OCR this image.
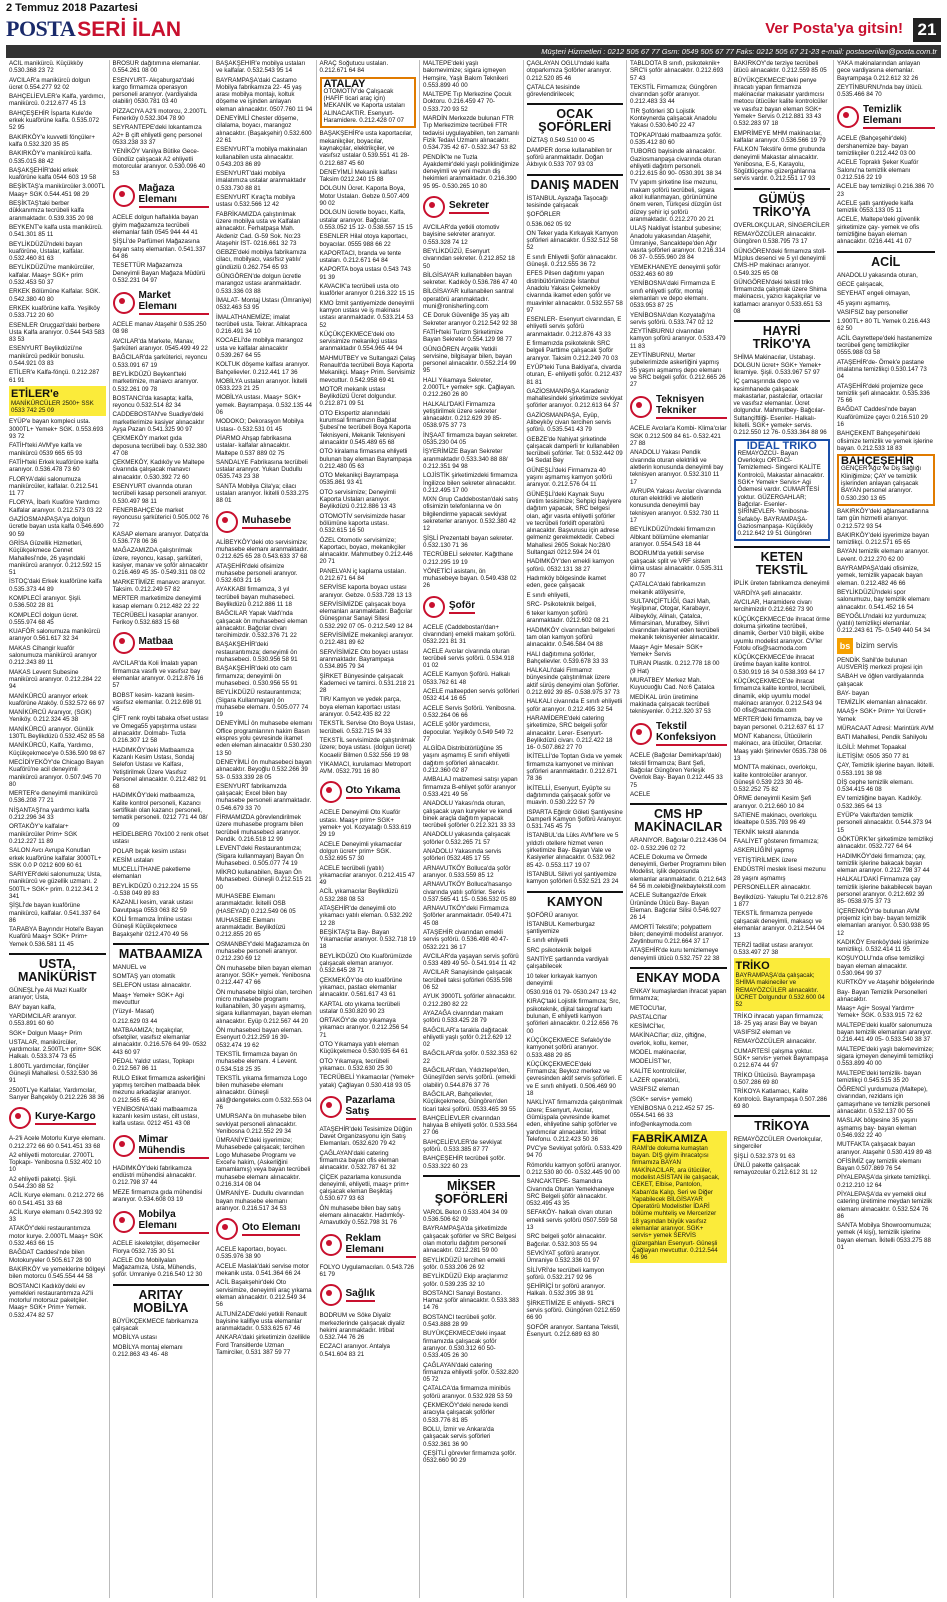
2 Temmuz 2018 Pazartesi
POSTA SERİ İLAN	Ver Posta'ya gitsin! 21
Müşteri Hizmetleri : 0212 505 67 77 Gsm: 0549 505 67 77 Faks: 0212 505 67 21-23 e-mail: postaseriilan@posta.com.tr
ACİL manikürcü. Küçükköy 0.530.368 23 72
AVCILAR'a manikürcü dolgun ücret 0.554.277 92 02
BAHÇELİEVLER'e Kalfa, yardımcı, manikürcü. 0.212.677 45 13
BAHÇEŞEHİR İsparta Kule'de erkek kuaförüne kalfa. 0.535.072 52 95
BAKIRKÖY'e kuvvetli fönçüler+ kalfa 0.532.320 35 85
BAKIRKÖY'e manikürcü kalfa. 0.535.015 88 42
BAŞAKŞEHİR'deki erkek kuaförüne kalfa 0544 603 19 58
BEŞİKTAŞ'a manikürcüler 3.000TL Maaş+ SGK 0.544.451 98 29
BEŞİKTAŞ'taki berber dükkanımıza tecrübeli kalfa aranmaktadır. 0.539.335 20 98
BEYKENT'e kalfa usta manikürcü. 0.541.301 85 11
BEYLİKDÜZÜ'ndeki bayan kuaförüne, Ustalar, kalfalar. 0.532.460 81 63
BEYLİKDÜZÜ'ne manikürcüler, kalfalar. Maaş+ SGK+ prim 0.532.453 50 37
ERKEK Bölümüne Kalfalar. SGK. 0.542.380 40 80
ERKEK kuaförüne kalfa. Yeşilköy 0.533.712 20 60
ESENLER Oruçgazi'daki berbere Usta Kalfa aranıyor. 0.544 543 583 83 53
ESENYURT Beylikdüzü'ne manikürcü pedikür bonuslu. 0.544.921 03 83
ETİLER'e Kalfa-fönçü. 0.212.287 61 91
ETİLER'e
MANİKÜRCÜLER 2500+ SSK 0533 742 25 09
EYÜP'e bayan kompleci usta. 3000TL+ Yemek+ SGK. 0.553.693 93 72
FATİH'teki AVM'ye kalfa ve manikürcü 0539 665 65 93
FATİH'teki Erkek kuaförüne kalfa aranıyor. 0.536.478 73 60
FLORYA'daki salonumuza manikürcüler, kalfalar. 0.212.541 11 77
FLORYA, İbarlı Kuaföre Yardımcı Kalfalar aranıyor. 0.212.573 03 22
GAZİOSMANPAŞA'ya dolgun ücretle bayan usta kalfa 0.546.690 90 59
GRİSA Güzellik Hizmetleri, Küçükçekmece Cennet Mahallesi'nde, 26 yaşındaki manikürcü aranıyor. 0.212.592 15 51
İSTOÇ'daki Erkek kuaförüne kalfa 0.535.373 44 89
KOMPLECİ aranıyor. Şişli. 0.536.502 28 81
KOMPLECİ dolgun ücret. 0.555.974 68 45
KUAFÖR salonumuza manikürcü aranıyor 0.561.617 32 34
MAKAS Cihangir kuaför salonumuza manikürcü aranıyor 0.212.243 89 11
MAKAS Levent Subesine manikürcü aranıyor. 0.212.284 22 94
MANİKÜRCÜ aranıyor erkek kuaförüne Ataköy. 0.532.572 66 97
MANİKÜRCÜ Aranıyor, (SGK) Yeniköy. 0.212.324 45 38
MANİKÜRCÜ aranıyor. Günlük 130TL Beylikdüzü 0.532.452 85 58
MANİKÜRCÜ, Kalfa, Yardımcı, Küçükçekmece'ye 0.536.590 98 67
MECİDİYEKÖY'de Chicago Bayan Kuaförü'ne acil deneyimli manikürcü aranıyor. 0.507.945 70 80
MERTER'e deneyimli manikürcü 0.536.208 77 21
NİŞANTAŞI'na yardımcı kalfa 0.212.296 34 33
ORTAKÖY'e kalfalar+ manikürcüler Prim+ SGK 0.212.227 11 89
SALON Avcı Avrupa Konutları erkek kuaförüne kalfalar 3000TL+ SSK 0.0 P 0212 609 60 61
SARIYER'deki salonumuza; Usta, manikürcü ve güzellik uzmanı. 2 500TL+ SGK+ prim. 0.212.341 2 341
ŞİŞLİ'de bayan kuaförüne manikürcü, kalfalar. 0.541.337 64 86
TARABYA Bayrındır Hotel'e Bayan Kuaförü Maaş+ SGK+ Prim+ Yemek 0.536.581 11 45
USTA, MANİKÜRİST
GÜNEŞLİ'ye Ali Mazi Kuaför aranıyor; Usta,
BAY bayan kalfa,
YARDIMCILAR aranıyor. 0.553.891 60 60
SGK+ Dolgun Maaş+ Prim
USTALAR, manikürcüler, yardımcılar. 2.500TL+ prim+ SGK Halkalı. 0.533.374 73 65
1.800TL yardımcılar, fönçüler Güneşli Mahallesi. 0.532.530 36 91
2500TL'ye Kalfalar, Yardımcılar, Sarıyer Bahçeköy 0.212.226 38 36
Kurye-Kargo
A-2'li Acele Motorlu Kurye elemanı. 0.212.272 66 60 0.541.451 33 68
A2 ehliyetli motorcular. 2700TL Topkapı- Yenibosna 0.532.402 10 10
A2 ehliyetli paketçi. Şişli. 0.544.230 88 52
ACİL Kurye elemanı. 0.212.272 66 60 0.541.451 33 68
ACİL Kurye elemanı 0.542.393 92 33
ATAKÖY'deki restaurantımıza motor kurye. 2.000TL Maaş+ SGK 0.532.463 66 15
BAĞDAT Caddesi'nde bilen Motokuryeler 0.505.617 28 90
BAKIRKÖY ve yemeklerine bölgeyi bilen motorcu 0.545.554 44 58
BOSTANCI Kadıköy'deki ev yemekleri restaurantımıza A2'li motorlu/ motorsuz paketçiler. Maaş+ SGK+ Prim+ Yemek. 0.532.474 82 57
BROSÜR dağıtımına elemanlar. 0.554.261 08 00
ESENYURT- Akçaburgaz'daki kargo firmamıza operasyon personeli aranıyor. (vardiyalıda olabilir) 0530.781 03 40
PİZZACIYA A2'li motorcu, 2.200TL Fenerköy 0.532.304 78 90
SEYRANTEPE'deki lokantamıza A2+ B çift ehliyetli genç personel 0533.238 33 37
YENİKÖY Vanilya Bütike Gece- Gündüz çalışacak A2 ehliyetli motorcular aranıyor. 0.530.096 40 53
Mağaza Elemanı
ACELE dolgun haftalıkla bayan giyim mağazamıza tecrübeli elemanlar fatih 0545 944 44 41
ŞİŞLİ'de Parfümeri Mağazasına bayan satış elemanları. 0.541.337 64 86
TESETTÜR Mağazamıza Deneyimli Bayan Mağaza Müdürü 0.532.231 04 97
Market Elemanı
ACELE manav Ataşehir 0.535.250 08 98
AVCILAR'da Markete, Manav, Şarküteri aranıyor. 0545.499 49 22
BAĞCILAR'da şarküterici, reyoncu 0.533.091 67 19
BEYLİKDÜZÜ Beykent'teki marketimize, manavcı aranıyor. 0.532.261 09 78
BOSTANCI'da kasapta; kalfa, reyoncu 0.532.514 82 34
CADDEBOSTAN've Suadiye'deki marketlerimize kasiyer alınacaktır Ayşa Pazarı 0.541.325 90 97
ÇEKMEKÖY market gıda deposuna tecrübeli bay. 0.532.380 47 08
ÇEKMEKÖY, Kadıköy ve Maltepe civarında çalışacak manavcı alınacaktır. 0.530.392 72 60
ESENYURT civarında oturan tecrübeli kasap personeli aranıyor. 0.530.497 98 11
FENERBAHÇE'de market reyoncusu şarküterici 0.505.002 76 72
KASAP elemanı aranıyor. Datça'da 0.536.778 06 36
MAĞAZAMIZDA çalıştırılmak üzere, reyoncu, kasap, şarküteri, kasiyer, manav ve şoför alınacaktır 0.216.469 45 35- 0.549.311 08 02
MARKETİMİZE manavcı aranıyor. Taksim. 0.212.249 57 82
MERTER marketimize deneyimli kasap elemanı 0.212.482 22 22
TECRÜBELİ kasaplar aranıyor. Ferikoy 0.532.683 15 68
Matbaa
AVCILAR'da Koli İmalatı yapan firmamıza vasıflı ve vasıfsız bay elemanlar aranıyor. 0.212.876 16 57
BOBST kesim- kazanlı kesim- vasıfsız elemanlar. 0.212.698 91 45
ÇİFT renk roybi tabaka ofset ustası ve Omega55 yapıştırma ustası alınacaktır. Dolmabı- Tuzla 0.216.307 12 58
HADIMKÖY'deki Matbaamıza Kazanlı Kesim Ustası, Sondaj Selefon Ustası ve Kalfası, Yetiştirilmek Üzere Vasıfsız Personel alınacaktır. 0.212.482 91 68
HADIMKÖY'deki matbaamıza, Kalite kontrol personeli, Kazancı sertifikalı olan kazancı personeli, tematik personeli. 0212 771 44 08/ 09
HEİDELBERG 70x100 2 renk ofset ustası
POLAR bıçak kesim ustası
KESİM ustaları
MUCELLİTHANE paketleme elemanları
BEYLİKDÜZÜ 0.212.224 15 55 -0.538 049 89 83
KAZANLI kesim, varak ustası Davutpaşa 0553 063 82 59
KOLİ firmamıza İmline ustası Güneşli Küçükçekmece Başakşehir 0212.470 49 56
MATBAAMIZA
MANUEL ve
SOMTAŞ yarı otomatik
SELEFON ustası alınacaktır.
Maaş+ Yemek+ SGK+ Agi mevcuttur
(Yüzyıl- Masat)
0.212.629 03 44
MATBAAMIZA; bıçakçılar, ofsetçiler, vasıfsız elemanlar alınacaktır. 0.216.576 64 99- 0532 443 60 97
PEDAL Yaldız ustası, Topkapı 0.212.567 86 11
RULO Etiket firmamıza askerliğini yapmış tercihen matbaada bilek mezunu arkadaşlar aranıyor. 0.212.565 65 42
YENİBOSNA'daki matbaamıza kazanlı kesim ustası, cilt ustası, kalfa ustası. 0212 451 43 08
Mimar Mühendis
HADIMKÖY'deki fabrikamıza endüstri mühendisi alınacaktır. 0.212.798 37 44
MEZE firmamıza gıda mühendisi aranıyor. 0.534.608 03 19
Mobilya Elemanı
ACELE iskeletçiler, döşemeciler Florya 0532.735 30 51
ACELE Oto Mobilyalan Mağazamıza, Usta, Mühendis, şoför. Umraniye 0.216.540 12 30
ARITAY MOBİLYA
BÜYÜKÇEKMECE fabrikamıza çalışacak
MOBİLYA ustası
MOBİLYA montaj elemanı 0.212.863 43 46- 48
BAŞAKŞEHİR'e mobilya ustaları ve kalfalar. 0.532.543 95 14
BAYRAMPAŞA'daki Castamo Mobilya fabrikamıza 22- 45 yaş arası mobilya montajı, koltuk döşeme ve işinden anlayan eleman alınacaktır. 0507.760 11 94
DENEYİMLİ Chester döşeme, cilalama, boyacı, marangoz alınacaktır. (Başakşehir) 0.532.600 22 61
ESENYURT'a mobilya makinaları kullanabilen usta alınacaktır. 0.543.203 86 89
ESENYURT'daki mobilya imalatımıza ustalar aranmaktadır 0.533.730 88 81
ESENYURT Kıraç'ta mobilya ustası 0.532.566 12 42
FABRİKAMIZDA çalıştırılmak üzere mobilya usta ve Kalfaları alınacaktır. Ferhatpaşa Mah. Akdeniz Cad. G-59 Sok. No:23 Ataşehir İST- 0216.661 32 73
GEBZE'deki mobilya fabrikamıza cilacı, mobilyacı, vasıfsız yatılı/ gündüzlü 0.262.754 65 93
GÜNGÖREN'de dolgun ücretle marangoz ustası aranmaktadır. 0.533.336 03 88
İMALAT- Montaj Ustası (Ümraniye) 0532.463 53 95
İMALATHANEMİZE; imalat tecrübeli usta. Tekrar. Altıkapraca 0.216.491 34 10
KOCAELİ'de mobilya marangoz usta ve kalfalar alınacaktır 0.539.267 64 55
KOLTUK döşeme kalfası aranıyor. Bahçelievler. 0.212.441 17 36
MOBİLYA ustaları aranıyor. İkitelli 0533.223 21 25
MOBİLYA ustası. Maaş+ SGK+ yemek. Bayrampaşa. 0.532.135 44 06
MODOKO; Dekorasyon Mobilya Ustası- 0.532.531 01 45
PİARMO Ahşap fabrikasına ustalar- kalfalar alınacaktır. Maltepe 0.537 889 02 75
SANDALYE Fabrikasına tecrübeli ustalar aranıyor. Yukarı Dudullu 0535.743 23 38
SANTA Mobilya Cila'ya; cilacı ustaları aranıyor. İkitelli 0.533.275 88 01
Muhasebe
ALİBEYKÖY'deki oto servisimize; muhasebe elemanı aranmaktadır. 0.212.625 65 28 0.543.633 37 68
ATAŞEHİR'deki ofisimize muhasebe personeli aranıyor. 0.532.603 21 16
AYAKKABI firmamıza, 3 yıl tecrübeli bayan muhasebeci. Beylikdüzü 0.212.886 11 18
BAĞCILAR Yapak Vakfı'nda çalışacak ön muhasebeci eleman alınacaktır. Bağcılar civarı tercihimizdir. 0.532.376 71 22
BAŞAKŞEHİR'deki restaurantımıza; deneyimli ön muhasebeci. 0.530.956 58 91
BAŞAKŞEHİR'deki oto cam firmamıza; deneyimli ön muhasebeci. 0.530.956 55 91
BEYLİKDÜZÜ restaurantımıza; (Sigara Kullanmayan) ön muhasebe elemanı. 0.505.077 74 19
DENEYİMLİ ön muhasebe elemanı Office programlarının hakim Basın ekspres yolu çevresinde ikamet eden eleman alınacaktır 0.530.230 13 50
DENEYİMLİ ön muhasebeci bayan alınacaktır. Beyoğlu 0.532.266 39 53- 0.533.339 28 05
ESENYURT fabrikamızda çalışacak; Excel bilen bay muhasebe personeli aranmaktadır. 0.546.679 33 70
FİRMAMIZDA görevlendirilmek üzere muhasebe programı bilen tecrübeli muhasebeci aranıyor. Pendik. 0.216.518 12 99
LEVENT'deki Restaurantımıza; (Sigara kullanmayan) Bayan Ön Muhasebeci. 0.505.077 74 19
MİKRO kullanabilen, Bayan Ön Muhasebeci. Güneşli 0.212.515 21 00
MUHASEBE Elemanı aranmaktadır. İkitelli OSB (HASEYAD) 0.212.549 06 05
MUHASEBE Elemanı aranmaktadır. Beylikdüzü 0.212.855 20 65
OSMANBEY'deki Mağazamıza ön muhasebe personeli aranıyor. 0.212.230 69 12
ÖN muhasebe bilen bayan eleman aranıyor. SGK+ yemek. Yenibosna 0.212.447 47 66
ÖN muhasebe bilgisi olan, tercihen micro muhasebe programı kullanabilen, 30 yaşını aşmamış, sigara kullanmayan, bayan eleman alınacaktır. Eyüp 0.212.567 44 20
ÖN muhasebeci bayan eleman. Esenyurt 0.212.259 16 39- 0532.474 19 62
TEKSTİL firmamıza bayan ön muhasebe elemanı. 4 Levent. 0.534.518 25 35
TEKSTİL yıkama firmamıza Logo bilen muhasebe elemanı alınacaktır. Güneşli akil@dengeteks.com 0.532.553 04 76
UMURSAN'a ön muhasebe bilen sevkiyat personeli alınacaktır. Yenibosna 0.212.552 29 34
ÜMRANİYE'deki işyerimize; Muhasebede çalışacak; tercihen Logo Muhasebe Programı ve Excel'e hakim, (Askerliğini tamamlamış) veya bayan tecrübeli muhasebe elemanı alınacaktır. 0.216.314 08 04
ÜMRANİYE- Dudullu civarından bayan muhasebe elemanı aranıyor. 0.216.517 34 53
Oto Elemanı
ACELE kaportacı, boyacı. 0.535.976 38 90
ACELE Maslak'daki servise motor mekanik usta. 0.541.364 66 24
ACİL Başakşehir'deki Oto servisimize, deneyimli araç yıkama eleman alınacaktır. 0.212.549 34 56
ALTUNİZADE'deki yetkili Renault bayisine kalifiye usta elemanlar aranmaktadır. 0.533.625 67 46
ANKARA'daki şirketimizin özellikle Ford Transitlerde Uzman Tamirciler, 0.531 387 59 77
ARAÇ Soğutucu ustaları. 0.212.671 64 84
ATALAY
OTOMOTİV'de Çalışacak (HAFİF ticari araç için) MEKANİK ve Kaporta ustaları ALINACAKTIR. Esenyurt- Haramidere. 0.212.428 07 07
BAŞAKŞEHİR'e usta kaportacılar, mekanikçiler, boyacılar, kaynakçılar, elektrikçiler, ve vasıfsız ustalar 0.539.551 41 28- 0.212.687 45 60
DENEYİMLİ Mekanik kalfası Taksim 0212.240 15 88
DOLGUN Ücret. Kaporta Boya, Motor Ustaları. Gebze 0.507.409 90 02
DOLGUN ücretle boyacı, Kalfa, ustalar aranıyor. Bağcılar. 0.553.052 15 12- 0.538.557 15 15
ESENLER Hilal otoya kaportacı, boyacılar. 0555 988 66 22
KAPORTACI, branda ve tente ustaları. 0.212.671 64 84
KAPORTA boya ustası 0.543 743 91 39
KAVACIK'a tecrübeli usta oto kuaförler aranıyor 0.216.322 15 15
KMO İzmit şantiyemizde deneyimli kamyon ustası ve iş makinası ustası aranmaktadır. 0.533.214 53 52
KÜÇÜKÇEKMECE'deki oto servisimize mekanikçi ustası aranmaktadır 0.554.965 44 94
MAHMUTBEY ve Sultangazi Çelaş Renault'da tecrübeli Boya Kaporta Mekanikçi. Maaş+ Prim. Servisimiz mevcuttur. 0.542.958 69 41
MOTOR mekanik ustası Beylikdüzü Ücret dolgundur. 0.212.871 09 51
OTO Ekspertiz alanındaki kurumsal firmamızın Bağdat Şubesi'ne tecrübeli Boya Kaporta Teknisyeni, Mekanik Teknisyeni alınacaktır 0.545.489 65 68
OTO kiralama firmasına ehliyetli bulunan bay eleman Bayrampaşa 0.212.480 05 63
OTO Mekanikçi Bayrampaşa 0535.861 93 41
OTO servisimize; Deneyimli Kaporta Ustaları aranıyor. Beylikdüzü 0.212.886 13 43
OTOMOTİV servisimizde hasar bölümüne kaporta ustası. 0.532.615 16 50
ÖZEL Otomotiv servisimize; Kaportacı, boyacı, mekanikçiler alınacaktır. Mahmutbey 0.212.446 20 71
PANELVAN iç kaplama ustaları. 0.212.671 64 84
SERVİSE kaporta boyacı ustası aranıyor. Gebze. 0.533.728 13 13
SERVİSİMİZDE çalışacak boya elemanları aranmaktadır. Bağcılar Güneşpınar Sanayi Sitesi 0.532.292 07 05- 0.212.549 12 84
SERVİSİMİZE mekanikçi aranıyor. 0.212.481 89 62
SERVİSİMİZE Oto boyacı ustası aranmaktadır. Bayrampaşa 0.534.895 79 34
ŞİRKET Bünyesinde çalışacak Kademeci ve tamirci. 0.531.218 21 28
TIR/ Kamyon ve yedek parça, boya eleman kaportacı ustası aranıyor. 0.542.435 82 22
TEKSTİL Servise Oto Boya Ustası, tecrübeli. 0.532.715 94 33
TEKSTİL servisimizde çalıştırılmak üzere; boya ustası. (dolgun ücret) Kocaeli/ Bilmen 0.532.556 19 98
YIKAMACI, kurulamacı Metroport AVM. 0532.791 16 80
Oto Yıkama
ACELE Deneyimli Oto Kuaför ustası. Maaş+ prim+ SGK+ yemek+ yol. Kozyatağı 0.533.619 29 19
ACELE Deneyimli yıkamacılar dolgun ücret+ prim+ SGK. 0.532.695 57 30
ACELE tecrübeli (yatılı) yıkamacılar aranıyor. 0.212.415 47 49
ACİL yıkamacılar Beylikdüzü 0.532.288 08 53
ATAŞEHİR'de deneyimli oto yıkamacı yatılı eleman. 0.532.292 12 28
BEŞİKTAŞ'ta Bay- Bayan Yıkamacılar aranıyor. 0.532.718 19 18
BEYLİKDÜZÜ Oto Kuaförümüzde çalışacak eleman aranıyor. 0.532.645 28 71
ÇEKMEKÖY'de oto kuaförüne yıkamacı, pastacı elemanlar alınacaktır. 0.561.617 43 61
KARTAL oto yıkama tecrübeli ustalar 0.530.820 90 23
ORTAKÖY'de oto yıkamaya yıkamacı aranıyor. 0.212.256 54 71
OTO Yıkamaya yatılı eleman Küçükçekmece 0.530.935 64 61
OTO Yıkamaya, tecrübeli yıkamacı. 0.532.630 25 30
TECRÜBELİ Yıkamacılar (Yemek+ yatak) Çağlayan 0.530.418 93 05
Pazarlama Satış
ATAŞEHİR'deki Tesisimize Düğün Davet Organizasyonu için Satış Elemanları. 0532.620 79 42
ÇAĞLAYAN'daki catering firmamıza bayan ofis eleman alınacaktır. 0.532.787 61 32
ÇİÇEK pazarlama konusunda deneyimli, ehliyetli, maaş+ prim+ çalışacak eleman Beşiktaş 0.530.677 93 63
ÖN muhasebe bilen bay satış elemanı alınacaktır. Hadımköy- Arnavutköy 0.552.798 31 76
Reklam Elemanı
FOLYO Uygulamacıları. 0.543.726 61 79
Sağlık
BODRUM ve Söke Diyaliz merkezlerinde çalışacak diyaliz hekimi aranmaktadır. Irtibat 0.532.744 76 26
ECZACI aranıyor. Antalya 0.541.604 83 21
MALTEPE'deki yaşlı bakımevimize; sigara içmeyen Hemşire, Yaşlı Bakım Teknikeri 0.553.899 40 00
MALTEPE Tıp Merkezine Çocuk Doktoru. 0.216.459 47 70- 0.533.720 93 52
MARDİN Merkezde bulunan FTR Tıp Merkezimize tecrübeli FTR tedavisi uygulayabilen, ten zamanlı Fizik Tedavi Uzmanı alınacaktır. 0.534.735 42 67- 0.532.347 53 82
PENDİK'te ne Tuzla Ayakdemir'deki yaşlı polikliniğimize deneyimli ve yeni mezun diş hekimleri aranmaktadır. 0.216.390 95 95- 0.530.265 10 80
Sekreter
AVCILAR'da yetkili otomotiv bayisine sekreter aranıyor. 0.553.328 74 12
BEYLİKDÜZÜ, Esenyurt civarından sekreter. 0.212.852 18 50
BİLGİSAYAR kullanabilen bayan sekreter. Kadıköy 0.536.786 47 40
BİLGİSAYAR kullanabilen santral operatörü aranmaktadır. muni@ronisherling.com
CE Doruk Güvenliğe 35 yaş altı Sekreter aranıyor 0.212.542 92 38
FATİH'teki Turizm Şirketimize Bayan Sekreter 0.554.129 98 77
GÜNGÖREN Arçelik Yetkili servisine, bilgisayar bilen, bayan personel alınacaktır. 0.552.214 99 95
HALI Yıkamaya Sekreter, 2.000TL+ yemek+ sgk. Çağlayan. 0.212.260 26 80
HALKALI'DAKİ Firmamıza yetiştirilmek üzere sekreter alınacaktır. 0.212.629 39 85- 0538.975 37 73
İNŞAAT firmamıza bayan sekreter. 0535.230 04 05
İŞYERİMİZE Bayan Sekreter aranmaktadır 0.533.340 88 88/ 0.212.351 94 98
LOJİSTİK şirketimizdeki firmamıza İngilizce bilen sekreter alınacaktır. 0.212.495 17 00
MXN Grup Caddebostan'daki satış ofisimizin telefonlarına ve ön bilgilendirme yapacak sevkiyat sekreterler aranıyor. 0.532.380 42 12
ŞİŞLİ Prezentabl bayan sekreter. 0.532.130 71 36
TECRÜBELİ sekreter. Kağıthane 0.212.295 19 19
YÖNETİCİ asistanı, ön muhasebeye bayan. 0.549.438 02 26
Şoför
ACELE (Caddebostan'dan+ civarından) emekli makam şoförü. 0532.221 81 31
ACELE Avcılar civarında oturan tecrübeli servis şoförü. 0.534.918 01 02
ACELE Kamyon Şoförü. Halkalı 0533.762 61 48
ACELE malteepden servis şoförleri 0532 414 16 65
ACELE Servis Şoförü. Yenibosna. 0.532.264 06 66
ACELE şöför yardımcısı, depocular. Yeşilköy 0.549 549 72 77
ALGİDA Distribütörlüğüne 35 yaşını aşmamış E sınıfı ehliyetli dağıtım şoförleri alınacaktır. 0.212.360 02 87
AMBALAJ malzemesi satışı yapan firmamıza B-ehliyet şoför aranıyor 0.533.421 49 56
ANADOLU Yakası'nda oturan, çalışacak uyan kuryeler ve kendi binek araçla dağıtım yapacak tecrübeli şoförler 0.212.321 33 33
ANADOLU yakasında çalışacak şoförler 0.532.265 71 57
ANADOLU Yakasında servis şoförleri 0532.485 17 55
ARNAVUTKÖY Bolluca'da şoför aranıyor. 0.533.559 85 12
ARNAVUTKÖY Bolluca'hasanşo civarında yatılı şoförler. Servis 0.537.565 41 15- 0.536.532 05 89
ARNAVUTKÖY'deki Firmamıza Şoförler aranmaktadır. 0549.471 45 08
ATAŞEHİR civarından emekli servis şoförü. 0.536.498 40 47- 0532.221 36 17
AVCILAR'da yaşayan servis şoförü 0.533 489 49 50- 0.541.914 11 42
AVCILAR Sanayisinde çalışacak tecrübeli taksi şoförleri 0535.598 06 52
AYUK 3900TL şoförler alınacaktır. 0.212.280 82 22
AYAZAĞA civarından makam şoförü 0.533.425 28 79
BAĞCILAR'a tarakla dağıtacak ehliyetli yaşlı şoför 0.212.629 12 02
BAĞCILAR'da şoför. 0.532.353 62 22
BAĞCILAR'dan, Yıldıztepe'den, Güneşli'den servis şoförü. (emekli olabilir) 0.544.876 37 76
BAĞCILAR, Bahçelievler, Küçükçekmece, Güngören'den ticari taksi şoförü. 0533.465 39 55
BAHÇELİEVLER civarından halıyaa B ehliyetli şoför. 0.533.564 27 06
BAHÇELİEVLER'de sevkiyat şoförü. 0.533.385 87 77
BAHÇEŞEHİR tecrübeli şoför. 0.533.322 60 23
MİKSER ŞOFÖRLERİ
VAROL Beton 0.533.404 34 09 0.536.506 62 09
BAYRAMPAŞA'da şirketimizde çalışacak şoförler ve SRC Belgesi olan motorlu dağıtım personeli alınacaktır. 0212.281 59 00
BEYLİKDÜZÜ tercihen emekli şoför. 0.533.206 26 92
BEYLİKDÜZÜ Ekip araçlarımız şoför. 0.539.235 32 10
BOSTANCI Sanayi Bostancı. Hamaz şoför alınacaktır. 0.533.383 14 76
BOSTANCI tecrübeli şoför. 0.543.888 28 99
BUYÜKÇEKMECE'deki inşaat firmamızda çalışacak şoför aranıyor. 0.530.312 60 50- 0.533.405 26 30
ÇAĞLAYAN'daki catering firmamıza ehliyetli şoför. 0.532.820 05 72
ÇATALCA'da firmamıza minibüs şoförü aranıyor. 0.532.928 53 59
ÇEKMEKÖY'deki nerede kendi aracıyla çalışacak şoförler 0.533.776 81 85
BOLU, İzmir ve Ankara'da çalışacak servis şoförleri 0.532.361 36 90
ÇEŞİTLİ görevler firmamıza şoför. 0532.660 90 29
ÇAĞLAYAN OĞLU'ndaki kalfa otoparkımıza Şoförler aranıyor. 0.212.520 85 46
ÇATALCA tesisinde görevlendirilecek;
OCAK ŞOFÖRLERİ
DİZTAŞ 0.549.510 00 45
DAMPER dorse kullanabilen tır şoförü aranmaktadır. Doğan Akbıyık 0.533 707 93 03
DANIŞ MADEN
İSTANBUL Ayazağa Taşocağı tesisinde çalışacak
ŞOFÖRLER
0.536.062 05 92
ON Teker yada Kırkayak Kamyon şoförleri alınacaktır. 0.532.512 58 52
E sınıfı Ehliyetli Şoför alınacaktır. Güneşli. 0.212.555 36 72
EFES Pilsen dağıtımı yapan distribütörümüzde İstanbul Anadolu Yakası Çekmeköy civarında ikamet eden şoför ve muavinler alınacaktır. 0.532.557 58 97
ESENLER- Esenyurt civarından, E ehliyetli servis şoförü aranmaktadır. 0.212.876 43 33
E firmamızda psikoteknik SRC belgeli Parttime çalışacak Şoför aranıyor. Taksim 0.212.249 70 03
EYÜP'teki Tuna Bakliyat'a, civarda oturan, E- ehliyetli şoför. 0.212.437 81 81
GAZİOSMANPAŞA Karadeniz mahallesindeki şirketimize sevkiyat şoförler aranıyor. 0.212.613 64 37
GAZİOSMANPAŞA, Eyüp, Alibeyköy civarı tercihen servis şoförü. 0.535.541 43 79
GEBZE'de Nahiyat şirketinde çalışacak damperli tır kullanabilen tecrübeli şoförler. Tel: 0.532.442 09 94 Sedat Bey
GÜNEŞLİ'deki Firmamıza 40 yaşını aşmamış kamyon şoförü aranıyor. 0.212.576 04 11
GÜNEŞLİ'deki Kaynak Suyu üretim tesisimize; Sehpiçi bayiyere dağıtım yapacak, SRC belgesi olan, ağır vasıta ehliyetli şoförler ve tecrübeli forklift operatörü alınacaktır. Başvurusu için adrese gelmeniz gerekmektedir. Cebeci Mahallesi 2605 Sokak No:28/0 Sultangazi 0212.594 24 01
HADIMKÖY'den emekli kamyon şoförü. 0532.131 38 27
Hadımköy bölgesinde ikamet eden, gece çalışacak
E sınıfı ehliyetli,
SRC- Psikoteknik belgeli,
6 teker kamyon şoförü aranmaktadır. 0212.602 08 21
HADIMKÖY civarından belgeleri tam olan kamyon şoförü alınacaktır. 0.546.584 04 88
HALI dağıtımına şoförler, Bahçelievler. 0.539.678 33 33
HALKALI'daki Firmamız bünyesinde çalıştırılmak üzere aktif sürüş deneyimi olan Şoförler. 0.212.692 39 85- 0.538.975 37 73
HALKALI civarında E sınıfı ehliyetli şoför aranıyor. 0.212.495 32 54
HARAMİDERE'deki catering şirketimize, SRC belgeli şoför alınacaktır. Lerer- Esenyurt- Beylikdüzü civarı. 0.212.422 18 16- 0.507.862 27 70
İKİTELLİ'de Toptan Gıda ve yemek firmamıza kamyonet ve minivan şoförleri aranmaktadır. 0.212.671 78 36
İKİTELLİ, Esenyurt, Eyüp'te su dağıtımında çalışacak şoför ve muavin. 0.530.222 57 79
ISPARTA Eğirdir Göleti Şantiyesine Damperli Kamyon Şoförü Aranıyor. 0.531.745 45 75
İSTANBUL'da Lüks AVM'lere ve 5 yıldızlı otellere hizmet veren şirketimize Bay- Bayan Vale ve Kasiyerler alınacaktır. 0.532.962 85 42- 0.553.117 19 07
İSTANBUL Silivri yol şantiyemize kamyon şoförleri 0.532.521 23 24
KAMYON
ŞOFÖRÜ aranıyor.
İSTANBUL Kemerburgaz şantiyemize
E sınıfı ehliyetli
SRC psikoteknik belgeli
SANTİYE şartlarında vardiyalı çalışabilecek
10 teker kırkayak kamyon deneyimli
0530.916 01 79- 0530.247 13 42
KIRAÇ'taki Lojistik firmamıza; Src, psikoteknik, dijital takograf kartı bulunan, E ehliyetli kamyon şoförleri alınacaktır. 0.212.656 76 00
KÜÇÜKÇEKMECE Sefaköy'de kamyonet şoförü aranıyor. 0.533.488 29 85
KÜÇÜKÇEKMECE'deki Firmamıza; Beykoz merkez ve çevresinden aktif servis şoförleri. E ve E sınıfı ehliyetli. 0.506.469 90 18
NAKLİYAT firmamızda çalıştırılmak üzere; Esenyurt, Avcılar, Gümüşpala çevresinde ikamet eden, ehliyetine sahip şoförler ve yardımcılar alınacaktır. İrtibat Telefonu. 0.212.423 50 36
PVC'ye Sevkiyat şoförü. 0.533.429 94 70
Römorklu kamyon şoförü aranıyor. 0.212.530 80 00- 0.532.445 90 00
SANCAKTEPE- Samandıra Civarında Oturan Yemekhaneye SRC Belgeli şöför alınacaktır. 0532.495 43 35
SEFAKÖY- halkalı civarı oturan emekli servis şoförü 0507.559 58 13
SRC belgeli şoför alınacaktır. Bağcılar. 0.532.303 55 94
SEVKİYAT şoförü aranıyor. Ümraniye 0.532.336 01 97
SİLİVRİ'de tecrübeli kamyon şoförü. 0.532.217 92 96
ŞEHİRİÇİ tır şoförü aranıyor. Halkalı. 0.532.395 38 91
ŞİRKETİMİZE E ehliyetli- SRC'li servis şoförü. Güngören 0212.659 66 90
ŞOFÖR aranıyor. Santana Tekstil, Esenyurt. 0.212.689 63 80
TABLDOTA B sınıfı, psikoteknik+ SRC'li şoför alınacaktır. 0.212.693 57 43
TEKSTİL Firmamıza; Güngören civarından şoför aranıyor. 0.212.483 33 44
TIR Şoförleri 3D Lojistik Konteynerda çalışacak Anadolu Yakası 0.530.640 22 47
TOPKAPI'daki matbaamıza şoför. 0.535.412 80 60
TUBORG bayisinde alınacaktır. Gaziosmanpaşa civarında oturan ehliyetli dağıtım personeli. 0.212.615 80 90- 0530.391 38 34
TV yapım şirketine lise mezunu, makam şoförü tecrübeli, sigara alkol kullanmayan, görünümüne önem veren, Türkçesi düzgün üst düzey şehir içi şoförü aranmaktadır. 0.212.270 20 21
ULAŞ Nakliyat İstanbul şubesine; Anadolu yakasından Ataşehir, Ümraniye, Sancaktepe'den Ağır vasıta şoförleri aranıyor. 0.216.314 06 37- 0.555.960 28 84
YEMEKHANEYE deneyimli şoför 0532.463 60 89
YENİBOSNA'daki Firmamıza E sınıfı ehliyetli şoför, montaj elemanları ve depo elemanı. 0533.953 87 25
YENİBOSNA'dan Kozyatağı'na servis şoförü. 0.533.747 02 12
ZEYTİNBURNU civarından kamyon şoförü aranıyor. 0.533.479 11 83
ZEYTİNBURNU, Merter şubelerimizde askerliğini yapmış 35 yaşını aşmamış depo elemanı ve SRC belgeli şoför. 0.212.665 26 27
Teknisyen Tekniker
ACELE Avcılar'a Kombi- Klima'cılar SGK 0.212.509 84 61- 0.532.421 27 88
ANADOLU Yakası Pendik civarında oturan elektrikli ve aletlerin konusunda deneyimli bay teknisyen aranıyor. 0.532.310 11 17
AVRUPA Yakası Avcılar civarında oturan elektrikli ve aletlerin konusunda deneyimli bay teknisyen aranıyor. 0.532.730 11 17
BEYLİKDÜZÜ'ndeki firmamızın Albkant bölümüne elemanlar aranıyor. 0.554.543 18 44
BODRUM'da yetkili servise çalışacak split ve VRF sistem klima ustası alınacaktır. 0.535.311 80 77
ÇATALCA'daki fabrikamızın mekanik atölyesin'e,
SULTANÇİFTLİĞİ, Gazi Mah, Yeşilpınar, Otogar, Karabayır, Alibeyköy, Alinalı, Çatalca, Mimarsinan, Muratbey, Silivri civarından ikamet eden tecrübeli mekanik teknisyenler alınacaktır.
Maaş+ Agi+ Mesai+ SGK+ Yemek+ Servis
TURAN Plastik. 0.212.778 18 00 (9 Hat)
MURATBEY Merkez Mah. Kuyucuoğlu Cad. No:6 Çatalca
MEDİKAL ürün üretimine makinada çalışacak tecrübeli teknisyenler. 0.212.320 37 53
Tekstil Konfeksiyon
ACELE (Bağcılar Demirkapı'daki) tekstil firmamıza; Bant Şefi, Bağcılar Güngören Yerleşik Overlok Bay- Bayan 0.212.445 33 75
ACELE
CMS HP MAKİNACILAR
ARANIYOR. Bağcılar 0.212.436 04 02- 0.532.296 02 72
ACELE Dokuma ve Örmede deneyimli, Gerber Programını bilen Modelist, işlik deposunda elemanlar aranmaktadır. 0.212.643 64 56 m.celebi@nekbaytekstil.com
ACELE Sultangazi'de Erkek Ürününde Ütücü Bay- Bayan Eleman. Bağcılar Silisi 0.546.927 26 14
AMORTİ Tekstil'e; polypattern bilen; deneyimli modelist aranıyor. Zeytinburnu 0.212.664 37 17
ATAŞEHİR'de kuru temizlemeye deneyimli ütücü 0.532.757 22 38
ENKAY MODA
ENKAY kumaşlardan ihracat yapan firmamıza;
METOCU'lar,
PASTALCI'lar
KESİMCİ'ler,
MAKİNACI'lar; düz, çiftiğne, overlok, kollu, kemer,
MODEL makinacılar,
MODELİST'ler,
KALİTE kontrolcüler,
LAZER operatörü,
VASIFSIZ eleman
(SGK+ servis+ yemek)
YENİBOSNA 0.212.452 57 25- 0554.541 66 33
info@enkaymoda.com
FABRİKAMIZA
RAMİ'de dokuma kumaştan bayan. DIŞ giyim ihracatçısı firmamıza BAYAN MAKİNACILAR, ara ütücüler, modelist ASİSTAN ile çalışacak, CEKET, Elbise, Pantolon, Kaban'da Kalıp, Seri ve Diğer Yapabilecek BİLGİSAYAR Operatörü Modelistler İDARİ bölüme muhteliş ve Mercerizer 18 yaşından büyük vasıfsız elemanlar aranıyor. SGK+ servis+ yemek SERVİS güzergahları Esenyurt- Güneşli Çağlayan mevcuttur. 0.212.544 46 96
BAKIRKÖY'de terziye tecrübeli ütücü alınacaktır. 0.212.559 85 05
BÜYÜKÇEKMECE'deki penye ihracatı yapan firmamıza makinacılar makasatır yardımcısı metocu ütücüler kalite kontrolcüler ve vasıfsız bayan eleman SGK+ Yemek+ Servis 0.212.881 33 43 0.532.283 97 18
EMPRİMEYE MHM makinacılar, kalfalar aranıyor. 0.536.566 19 79
FALKON Tekstil'e örme grubunda deneyimli Makastar alınacaktır. Yenibosna, E-5, Karayolu, Sögütlüçeşme güzergahlarına servis vardır. 0.212.551 17 93
GÜMÜŞ TRİKO'YA
OVERLOKÇULAR, SİNGERCİLER
REMAYÖZCÜLER alınacaktır. Güngören 0.538.795 73 17
GÜNGÖREN'deki firmamıza stoll-M1plus desenci ve 5 yıl deneyimli CMS-HP makinacı aranıyor. 0.549.325 65 08
GÜNGÖREN'deki tekstil triko firmamızda çalışmak üzere Shima makinacısı, yazıcı kaçakçılar ve katlamacı aranıyor 0.533.651 53 08
HAYRİ TRİKO'YA
SHİMA Makinacılar, Ustabaşı. DOLGUN ücret+ SGK+ Yemek+ İkramiye. Şişli. 0.533.967 57 97
İÇ çamaşırında depo ve kesimhanede çalışacak makastarlar, pastalcılar, ortacılar ve vasıfsız elemanlar. Ücret dolgundur. Mahmutbey- Bağcılar- Sultançiftliği- Esenler- Halkalı- İkitelli. SGK+ yemek+ servis. 0.212.550 12 76- 0.533.364 88 96
İDEAL TRİKO
REMAYÖZCÜ- Bayan Overlokçu ORTACI- Temizlemeci- Singerci KALİTE Kontrolcü, Makastar alınacaktır. SGK+ Yemek+ Servis+ Agi Ödemesi vardır. CUMARTESİ yoktur. GÜZERGAHLAR; Bağcılar- Esenler- ŞİRİNEVLER- Yenibosna- Sefaköy- BAYRAMPAŞA- Gaziosmanpaşa- Küçükköy 0.212.642 19 51 Güngören
KETEN TEKSTİL
İPLİK üreten fabrikamıza deneyimli
VARDİYA şefi alınacaktır.
AVCILAR, Haramidere civarı tercihimizdir 0.212.662 73 90
KÜÇÜKÇEKMECE'de ihracat örme dokuma şirketine tecrübeli, dinamik, Gerber V10 bilgili, ekibe uyumlu modelist aranıyor. CV'ler Fotolu ofis@sacmoda.com
KÜÇÜKÇEKMECE'de ihracat üretime bayan kalite kontrol. 0.530.919 16 34 0.538.393 64 17
KÜÇÜKÇEKMECE'de ihracat firmamıza kalite kontrol, tecrübeli, dinamik, ekip uyumlu model makinacı aranıyor. 0.212.543 94 00 ofis@sacmoda.com
MERTER'deki firmamıza, bay ve bayan personel. 0.212.637 61 17
MONT Kabancısı, Ütücülerin makinacı, ara ütücüler, Ortacılar. Maaş yaklı Şirinevler 0535.738 06 13
MONTTA makinacı, overlokçu, kalite kontrolcüler aranıyor. Güneşli 0.539 223 30 46- 0.532.252 75 82
ÖRME deneyimli Kesim Şefi aranıyor. 0.212.660 10 84
SATIENE makinacı, overlokçu. İdealtepe 0.535.793 96 49
TEKNİK tekstil alanında
FAALİYET gösteren firmamıza;
ASKERLİĞİNİ yapmış
YETİŞTİRİLMEK üzere
ENDÜSTRİ meslek lisesi mezunu
28 yaşını aşmamış
PERSONELLER alınacaktır.
Beylikdüzü- Yakuplu Tel 0.212.876 1 877
TEKSTİL firmamıza penyede çalışacak deneyimli, makasçı ve elemanlar aranıyor. 0.212.544 04 13
TERZİ tadilat ustası aranıyor. 0.533.497 27 38
TRİKO
BAYRAMPAŞA'da çalışacak; SHİMA makineciler ve REMAYÖZCÜLER alınacaktır. ÜCRET Dolgundur 0.532.600 04 52
TRİKO ihracatı yapan firmamıza; 18- 25 yaş arası Bay ve bayan
VASIFSIZ eleman ve
REMAYÖZCÜLER alınacaktır.
CUMARTESİ çalışma yoktur. SGK+ servis+ yemek Bayrampaşa 0.212.674 44 97
TRİKO Ütücüsü. Bayrampaşa 0.507.286 69 80
TRİKOYA Katlamacı, Kalite Kontrolcü. Bayrampaşa 0.507.286 69 80
TRİKOYA
REMAYÖZCÜLER Overlokçular, singerciler
ŞİŞLİ 0.532.373 91 63
ÜNLÜ pakette çalışacak remayozcular 0.212.612 31 12
YAKA makinalarından anlayan gece vardiyasına elemanlar. Bayrampaşa 0.212.612 32 26
ZEYTİNBURNU'nda bay ütücü. 0.535.466 84 70
Temizlik Elemanı
ACELE (Bahçeşehir'deki) dershanemize bay- bayan temizlikçiler 0.212.442 03 00
ACELE Topraklı Şeker Kuaför Salonu'na temizlik elemanı 0.212.516 22 19
ACELE bay temizlikçi 0.216.386 70 23
ACELE şatlı şantiyede kalfa temizlik 0553.133 05 11
ACELE, Maltepe'deki güvenlik şirketimize çay- yemek ve ofis temizliğine bayan eleman alınacaktır. 0216.441 41 07
ACİL
ANADOLU yakasında oturan,
GECE çalışacak,
SEYEHAT engeli olmayan,
45 yaşını aşmamış,
VASIFSIZ bay personeller
1.900TL+ 80 TL Yemek 0.216.443 62 50
ACİL Gayrettepe'deki hastanemize tecrübeli genç temizlikçiler 0555.988 03 58
ATAŞEHİR'de- Örnek'e pastane imalatına temizlikçi 0.530.147 73 04
ATAŞEHİR'deki projemize gece temizlik şefi alınacaktır. 0.535.336 75 66
BAĞDAT Caddesi'nde bayan Kuaförümüze çaycı 0.216.510 29 16
BAHÇEKENT Bahçeşehir'deki ofisimize temizlik ve yemek işlerine bayan. 0.212.533 18 83
BAHÇEŞEHİR
GENÇER Ağız ve Diş Sağlığı Kliniğimize; ÇAY ve temizlik işlerinden anlayan çalışacak BAYAN personel aranıyor. 0.530.230 13 65
BAKIRKÖY'deki ağlansanatlarına tam gün hizmetli aranıyor. 0.212.572 93 54
BAKIRKÖY'deki işyerimize bayan temizlikçi. 0.212.571 65 65
BAYAN temizlik elemanı aranıyor. Levent. 0.212.270 62 00
BAYRAMPAŞA'daki ofisimize, yemek, temizlik yapacak bayan eleman. 0.212.482 46 66
BEYLİKDÜZÜ'ndeki spor salonumuzu, bay temizlik elemanı alınacaktır. 0.541.452 16 54
BEYOĞLU'ndaki kız yurdumuza; (yatılı) temizlikçi elemanlar. 0.212.243 61 75- 0.549 440 54 34
bs bizim servis
PENDİK Sahil'de bulunan AUSVERİŞ merkezi projesi için
SABAH ve öğlen vardiyalarında çalışacak
BAY- bayan
TEMİZLİK elemanları alınacaktır.
MAAŞ+ SGK+ Prim+ Yol Ücreti+ Yemek
MÜRACAAT Adresi: Marintürk AVM
BATI Mahallesi, Pendik Sahilyolu
İLGİLİ: Mehmet Topaakal
İLETİŞİM: 0505 350 77 81
ÇAY, Temizlik işlerine bayan. Ikitelli. 0.553.191 38 98
DİŞ cephe temizlik elemanı. 0.534.415 46 08
EV temizliğine bayan. Kadıköy. 0.532.365 64 13
EYÜP'e Vakıfta'den temizlik personeli alınacaktır. 0.544.373 94 15
GÖKTÜRK'ler şirketimize temizlikçi alınacaktır. 0532.727 64 64
HADIMKÖY'deki firmamıza; çay, temizlik işlerine bakacak bayan eleman aranıyor. 0.212.798 37 44
HALKALI'DAKİ Firmamıza çay temizlik işlerine bakabilecek bayan personel aranıyor. 0.212.692 39 85- 0538.975 37 73
İÇERENKÖY'de bulunan AVM projemiz için bay- bayan temizlik elemanları aranıyor. 0.530.938 95 12
KADIKÖY Erenköy'deki işlerimize temizlikçi. 0.532.414 11 95
KOŞUYOLU'nda ofise temizlikçi bayan eleman alınacaktır. 0.530.964 99 37
KURTKÖY ve Ataşehir bölgelerinde
Bay- Bayan Temizlik Personelleri alınacaktır.
Maaş+ Agi+ Sosyal Yardım+ Yemek+ SGK. 0.533.915 72 62
MALTEPE'deki kuaför salonumuza bayan temizlik elemanları aranıyor. 0.216.441 49 05- 0.533.540 38 37
MALTEPE'deki yaşlı bakımevimize; sigara içmeyen deneyimli temizlikçi 0.553.899 40 00
MALTEPE'deki temizlik- bayan temizlikçi 0.545.515 35 20
ÖĞRENCİ yurdumuza (Maltepe), civarından, rezidans için çamaşırhane ve temizlik personeli alınacaktır. 0.532.137 00 55
MASLAK bölgesine 35 yaşını aşmamış bay- bayan eleman 0.546.932 22 40
MUTFAKTA çalışacak bayan aranıyor. Ataşehir 0.530.419 89 48
OFİSİMİZ çay temizlik elemanı Bayan 0.507.869 76 54
PİYALEPAŞA'da şirkete temizlikçi. 0.212.210 12 64
PİYALEPAŞA'da ev yemekli okul catering üretimine meydan temizlik elemanı alınacaktır. 0.532.524 76 86
SANTA Mobilya Showroomumuza; yemek (4 kişi), temizlik işlerine bayan eleman. İkitelli 0533.275 88 01
